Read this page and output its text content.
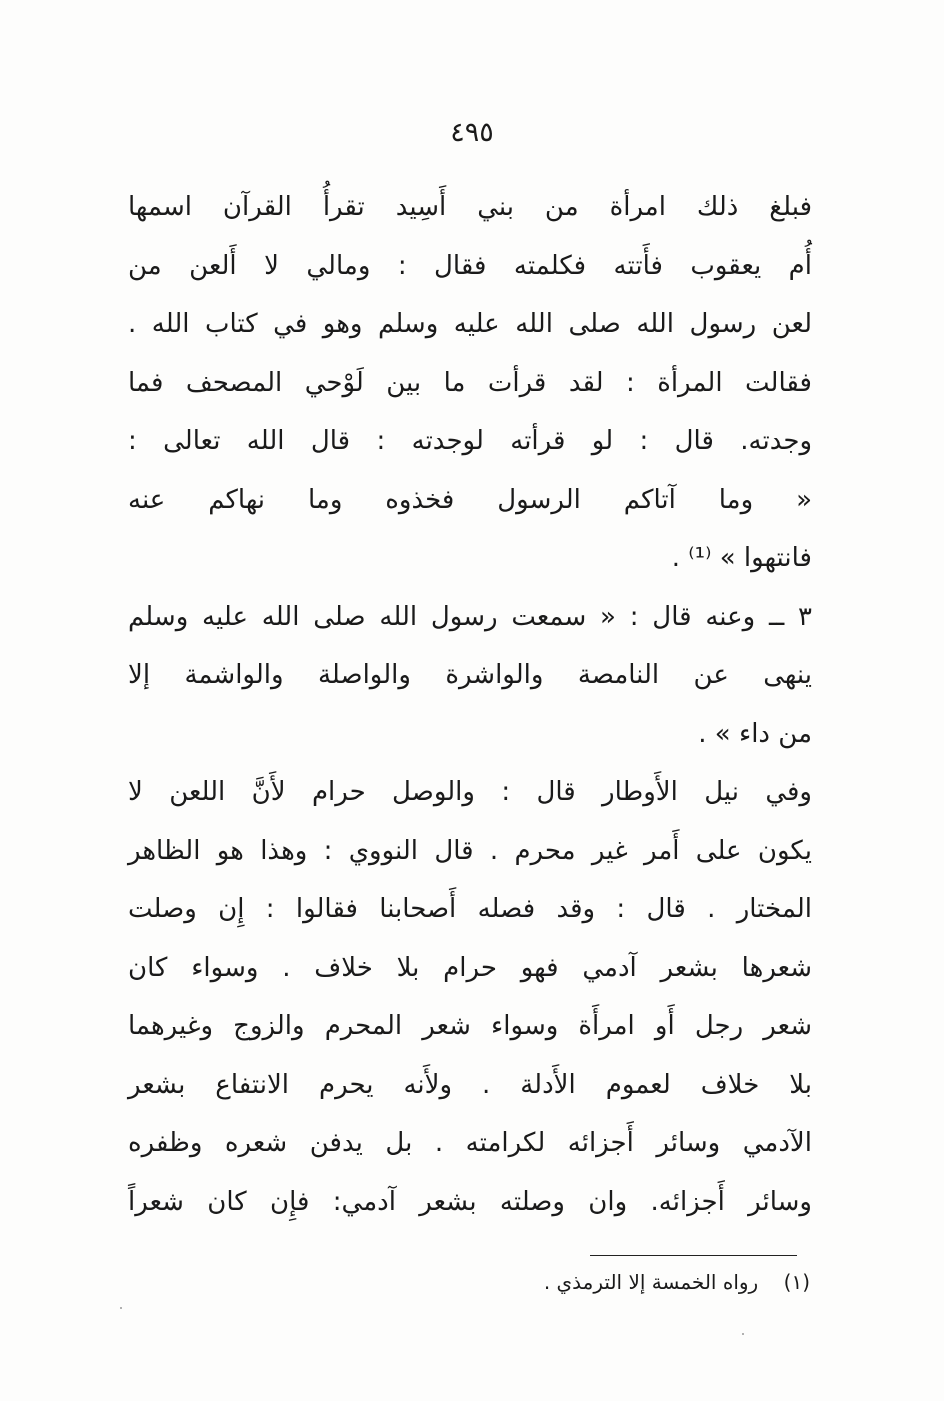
٤٩٥
فبلغ ذلك امرأة من بني أَسِيد تقرأُ القرآن اسمها
أُم يعقوب فأَتته فكلمته فقال : ومالي لا أَلعن من
لعن رسول الله صلى الله عليه وسلم وهو في كتاب الله .
فقالت المرأة : لقد قرأت ما بين لَوْحي المصحف فما
وجدته. قال : لو قرأته لوجدته : قال الله تعالى :
« وما آتاكم الرسول فخذوه وما نهاكم عنه
فانتهوا » ⁽¹⁾ .
٣ ــ وعنه قال : « سمعت رسول الله صلى الله عليه وسلم
ينهى عن النامصة والواشرة والواصلة والواشمة إلا
من داء » .
وفي نيل الأَوطار قال : والوصل حرام لأَنَّ اللعن لا
يكون على أَمر غير محرم . قال النووي : وهذا هو الظاهر
المختار . قال : وقد فصله أَصحابنا فقالوا : إِن وصلت
شعرها بشعر آدمي فهو حرام بلا خلاف . وسواء كان
شعر رجل أَو امرأَة وسواء شعر المحرم والزوج وغيرهما
بلا خلاف لعموم الأَدلة . ولأَنه يحرم الانتفاع بشعر
الآدمي وسائر أَجزائه لكرامته . بل يدفن شعره وظفره
وسائر أَجزائه. وان وصلته بشعر آدمي: فإِن كان شعراً
(١)    رواه الخمسة إلا الترمذي .
